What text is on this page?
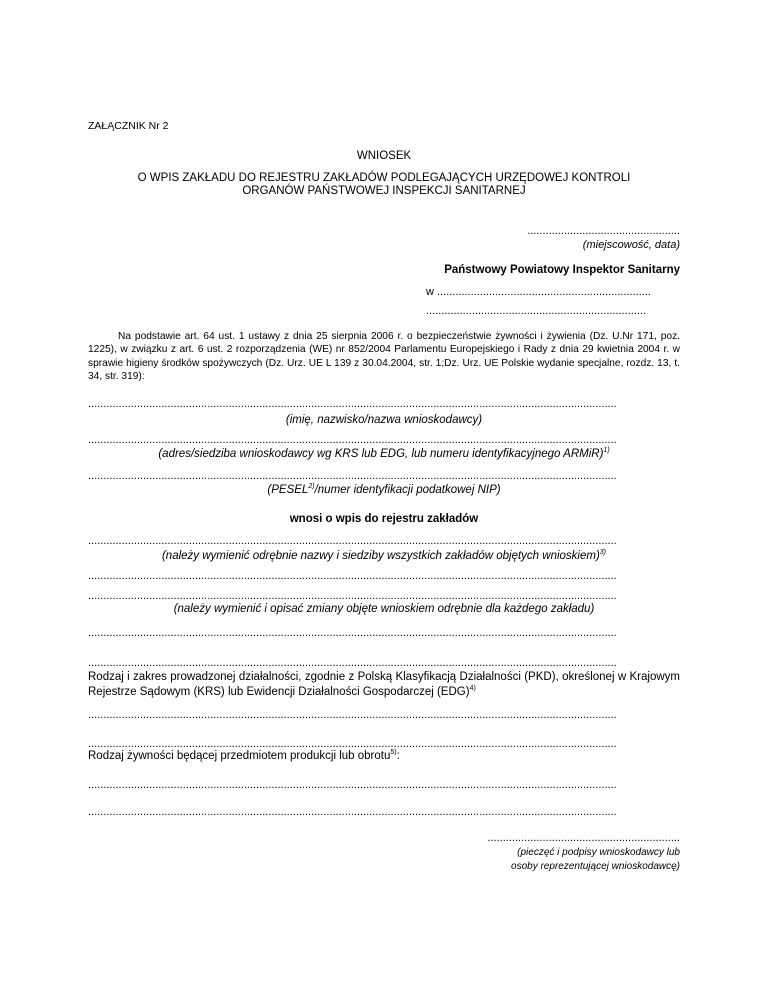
ZAŁĄCZNIK Nr 2
WNIOSEK
O WPIS ZAKŁADU DO REJESTRU ZAKŁADÓW PODLEGAJĄCYCH URZĘDOWEJ KONTROLI
ORGANÓW PAŃSTWOWEJ INSPEKCJI SANITARNEJ
..................................................
(miejscowość, data)
Państwowy Powiatowy Inspektor Sanitarny
w ......................................................................
........................................................................
Na podstawie art. 64 ust. 1 ustawy z dnia 25 sierpnia 2006 r. o bezpieczeństwie żywności i żywienia (Dz. U.Nr 171, poz. 1225), w związku z art. 6 ust. 2 rozporządzenia (WE) nr 852/2004 Parlamentu Europejskiego i Rady z dnia 29 kwietnia 2004 r. w sprawie higieny środków spożywczych (Dz. Urz. UE L 139 z 30.04.2004, str. 1;Dz. Urz. UE Polskie wydanie specjalne, rozdz. 13, t. 34, str. 319):
.............................................................................................................................................................................
(imię, nazwisko/nazwa wnioskodawcy)
.............................................................................................................................................................................
(adres/siedziba wnioskodawcy wg KRS lub EDG, lub numeru identyfikacyjnego ARMiR)$^{1)}$
.............................................................................................................................................................................
(PESEL$^{2)}$/numer identyfikacji podatkowej NIP)
wnosi o wpis do rejestru zakładów
.............................................................................................................................................................................
(należy wymienić odrębnie nazwy i siedziby wszystkich zakładów objętych wnioskiem)$^{3)}$
.............................................................................................................................................................................
.............................................................................................................................................................................
(należy wymienić i opisać zmiany objęte wnioskiem odrębnie dla każdego zakładu)
.............................................................................................................................................................................
.............................................................................................................................................................................
Rodzaj i zakres prowadzonej działalności, zgodnie z Polską Klasyfikacją Działalności (PKD), określonej w Krajowym Rejestrze Sądowym (KRS) lub Ewidencji Działalności Gospodarczej (EDG)$^{4)}$
.............................................................................................................................................................................
.............................................................................................................................................................................
Rodzaj żywności będącej przedmiotem produkcji lub obrotu$^{5)}$:
.............................................................................................................................................................................
.............................................................................................................................................................................
...............................................................
(pieczęć i podpisy wnioskodawcy lub
osoby reprezentującej wnioskodawcę)
